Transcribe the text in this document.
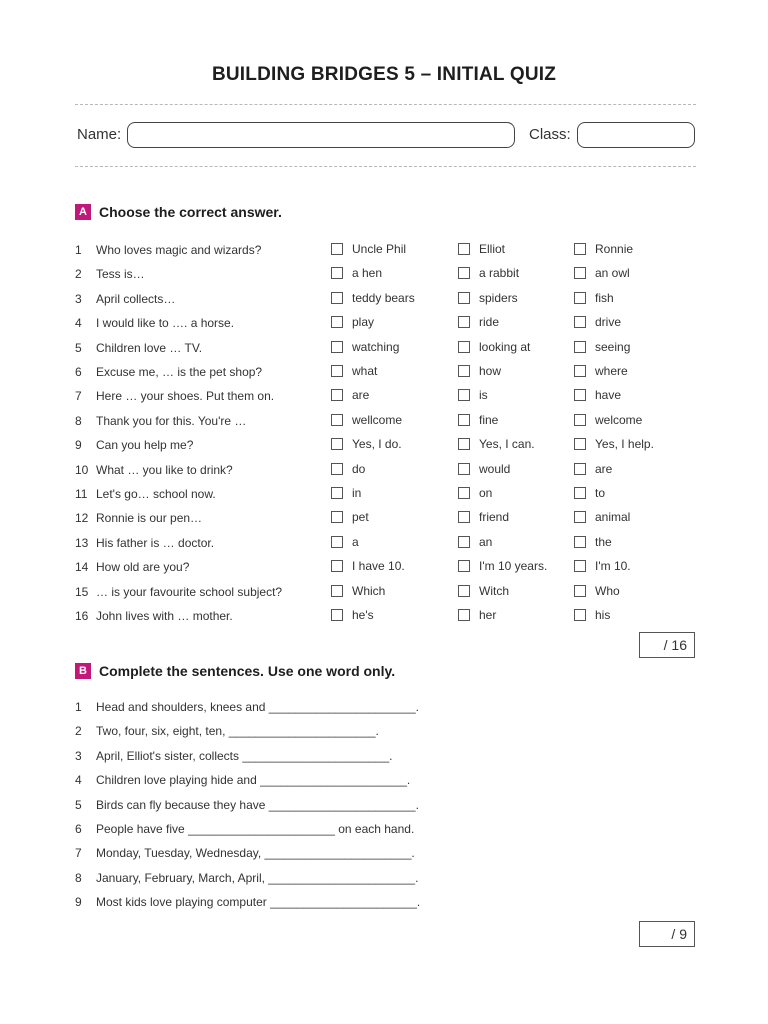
BUILDING BRIDGES 5 – INITIAL QUIZ
Name:	Class:
A Choose the correct answer.
1 Who loves magic and wizards?	Uncle Phil	Elliot	Ronnie
2 Tess is…	a hen	a rabbit	an owl
3 April collects…	teddy bears	spiders	fish
4 I would like to …. a horse.	play	ride	drive
5 Children love … TV.	watching	looking at	seeing
6 Excuse me, … is the pet shop?	what	how	where
7 Here … your shoes. Put them on.	are	is	have
8 Thank you for this. You're …	wellcome	fine	welcome
9 Can you help me?	Yes, I do.	Yes, I can.	Yes, I help.
10 What … you like to drink?	do	would	are
11 Let's go… school now.	in	on	to
12 Ronnie is our pen…	pet	friend	animal
13 His father is … doctor.	a	an	the
14 How old are you?	I have 10.	I'm 10 years.	I'm 10.
15 … is your favourite school subject?	Which	Witch	Who
16 John lives with … mother.	he's	her	his
/ 16
B Complete the sentences. Use one word only.
1 Head and shoulders, knees and ______________________.
2 Two, four, six, eight, ten, ______________________.
3 April, Elliot's sister, collects ______________________.
4 Children love playing hide and ______________________.
5 Birds can fly because they have ______________________.
6 People have five ______________________ on each hand.
7 Monday, Tuesday, Wednesday, ______________________.
8 January, February, March, April, ______________________.
9 Most kids love playing computer ______________________.
/ 9
